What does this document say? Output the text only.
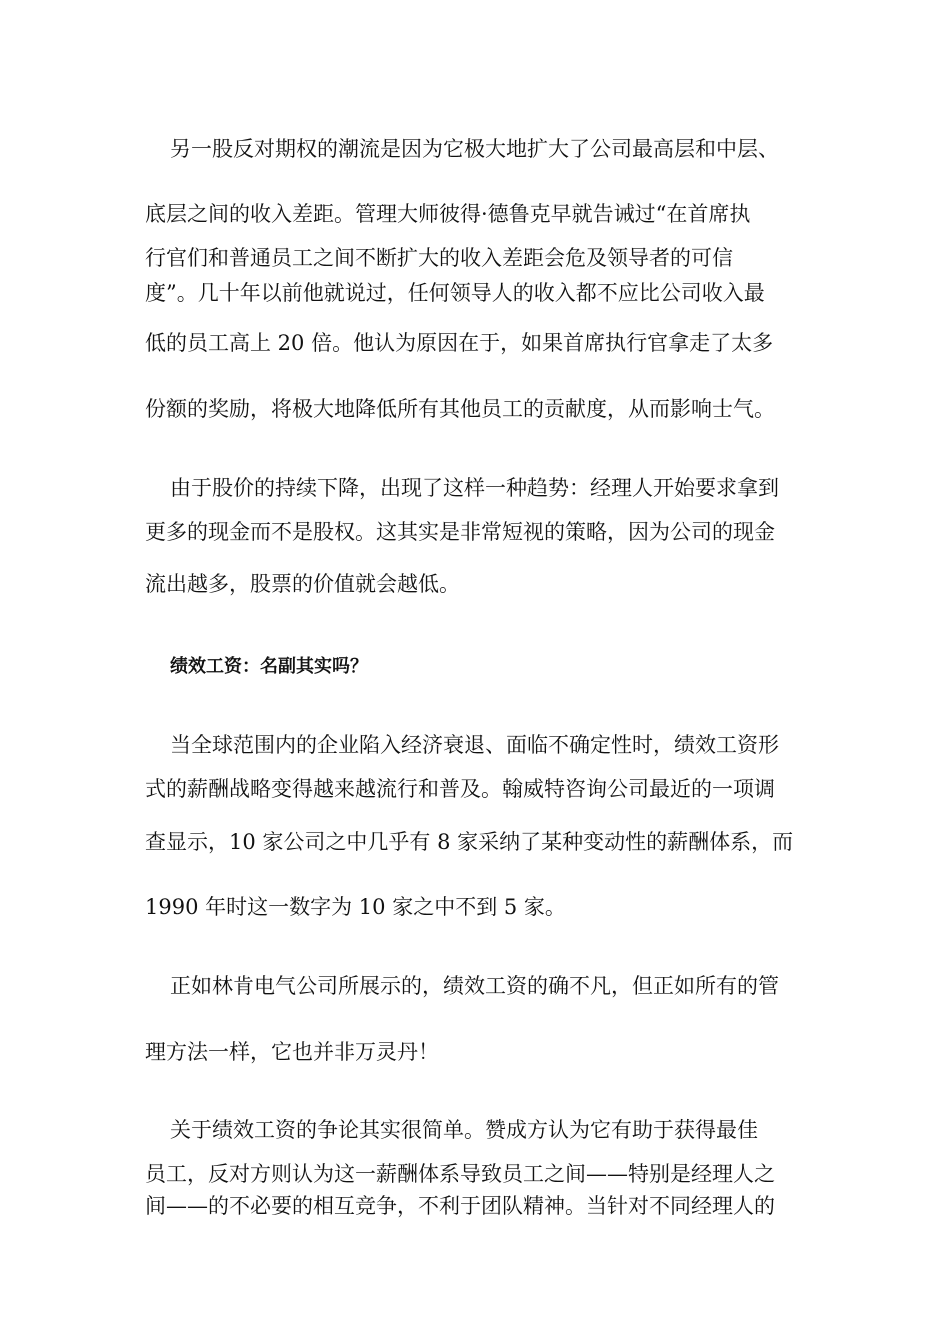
另一股反对期权的潮流是因为它极大地扩大了公司最高层和中层、
底层之间的收入差距。管理大师彼得·德鲁克早就告诫过“在首席执
行官们和普通员工之间不断扩大的收入差距会危及领导者的可信
度”。几十年以前他就说过，任何领导人的收入都不应比公司收入最
低的员工高上 20 倍。他认为原因在于，如果首席执行官拿走了太多
份额的奖励，将极大地降低所有其他员工的贡献度，从而影响士气。
由于股价的持续下降，出现了这样一种趋势：经理人开始要求拿到
更多的现金而不是股权。这其实是非常短视的策略，因为公司的现金
流出越多，股票的价值就会越低。
绩效工资：名副其实吗？
当全球范围内的企业陷入经济衰退、面临不确定性时，绩效工资形
式的薪酬战略变得越来越流行和普及。翰威特咨询公司最近的一项调
查显示，10 家公司之中几乎有 8 家采纳了某种变动性的薪酬体系，而
1990 年时这一数字为 10 家之中不到 5 家。
正如林肯电气公司所展示的，绩效工资的确不凡，但正如所有的管
理方法一样，它也并非万灵丹！
关于绩效工资的争论其实很简单。赞成方认为它有助于获得最佳
员工，反对方则认为这一薪酬体系导致员工之间——特别是经理人之
间——的不必要的相互竞争，不利于团队精神。当针对不同经理人的
